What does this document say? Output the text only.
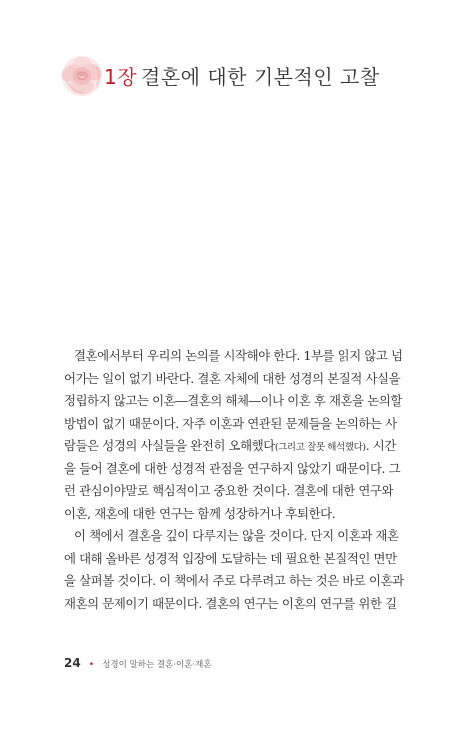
1장 결혼에 대한 기본적인 고찰
결혼에서부터 우리의 논의를 시작해야 한다. 1부를 읽지 않고 넘
어가는 일이 없기 바란다. 결혼 자체에 대한 성경의 본질적 사실을
정립하지 않고는 이혼―결혼의 해체―이나 이혼 후 재혼을 논의할
방법이 없기 때문이다. 자주 이혼과 연관된 문제들을 논의하는 사
람들은 성경의 사실들을 완전히 오해했다(그리고 잘못 해석했다). 시간
을 들어 결혼에 대한 성경적 관점을 연구하지 않았기 때문이다. 그
런 관심이야말로 핵심적이고 중요한 것이다. 결혼에 대한 연구와
이혼, 재혼에 대한 연구는 함께 성장하거나 후퇴한다.
이 책에서 결혼을 깊이 다루지는 않을 것이다. 단지 이혼과 재혼
에 대해 올바른 성경적 입장에 도달하는 데 필요한 본질적인 면만
을 살펴볼 것이다. 이 책에서 주로 다루려고 하는 것은 바로 이혼과
재혼의 문제이기 때문이다. 결혼의 연구는 이혼의 연구를 위한 길
24 • 성경이 말하는 결혼·이혼·재혼
